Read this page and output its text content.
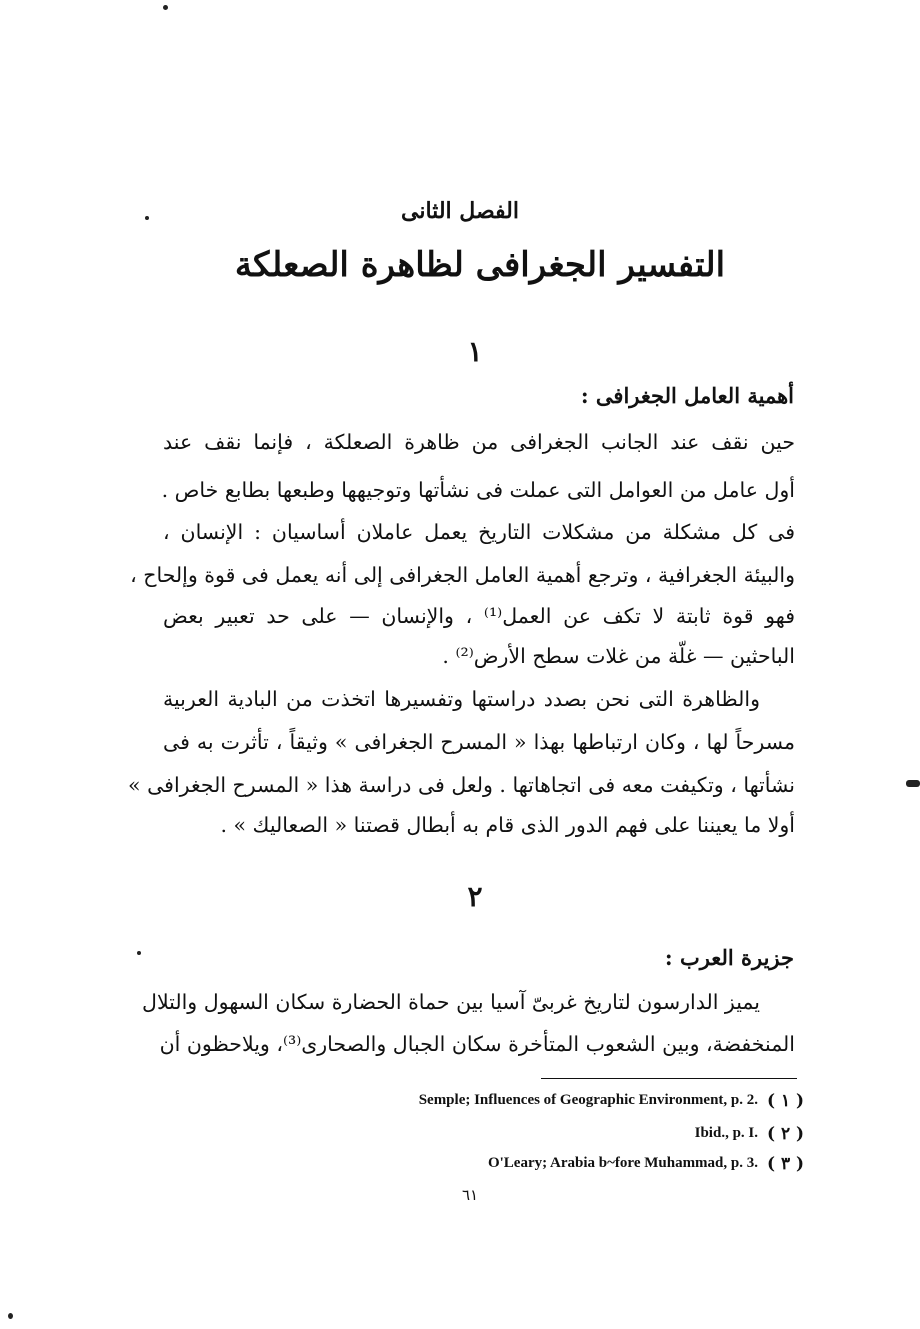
الفصل الثانى
التفسير الجغرافى لظاهرة الصعلكة
١
أهمية العامل الجغرافى :
حين نقف عند الجانب الجغرافى من ظاهرة الصعلكة ، فإنما نقف عند
أول عامل من العوامل التى عملت فى نشأتها وتوجيهها وطبعها بطابع خاص .
فى كل مشكلة من مشكلات التاريخ يعمل عاملان أساسيان : الإنسان ،
والبيئة الجغرافية ، وترجع أهمية العامل الجغرافى إلى أنه يعمل فى قوة وإلحاح ،
فهو قوة ثابتة لا تكف عن العمل⁽¹⁾ ، والإنسان — على حد تعبير بعض
الباحثين — غلّة من غلات سطح الأرض⁽²⁾ .
والظاهرة التى نحن بصدد دراستها وتفسيرها اتخذت من البادية العربية
مسرحاً لها ، وكان ارتباطها بهذا « المسرح الجغرافى » وثيقاً ، تأثرت به فى
نشأتها ، وتكيفت معه فى اتجاهاتها . ولعل فى دراسة هذا « المسرح الجغرافى »
أولا ما يعيننا على فهم الدور الذى قام به أبطال قصتنا « الصعاليك » .
٢
جزيرة العرب :
يميز الدارسون لتاريخ غربىّ آسيا بين حماة الحضارة سكان السهول والتلال
المنخفضة، وبين الشعوب المتأخرة سكان الجبال والصحارى⁽³⁾، ويلاحظون أن
Semple; Influences of Geographic Environment, p. 2. ( ١ )
Ibid., p. I. ( ٢ )
O'Leary; Arabia b~fore Muhammad, p. 3. ( ٣ )
٦١
